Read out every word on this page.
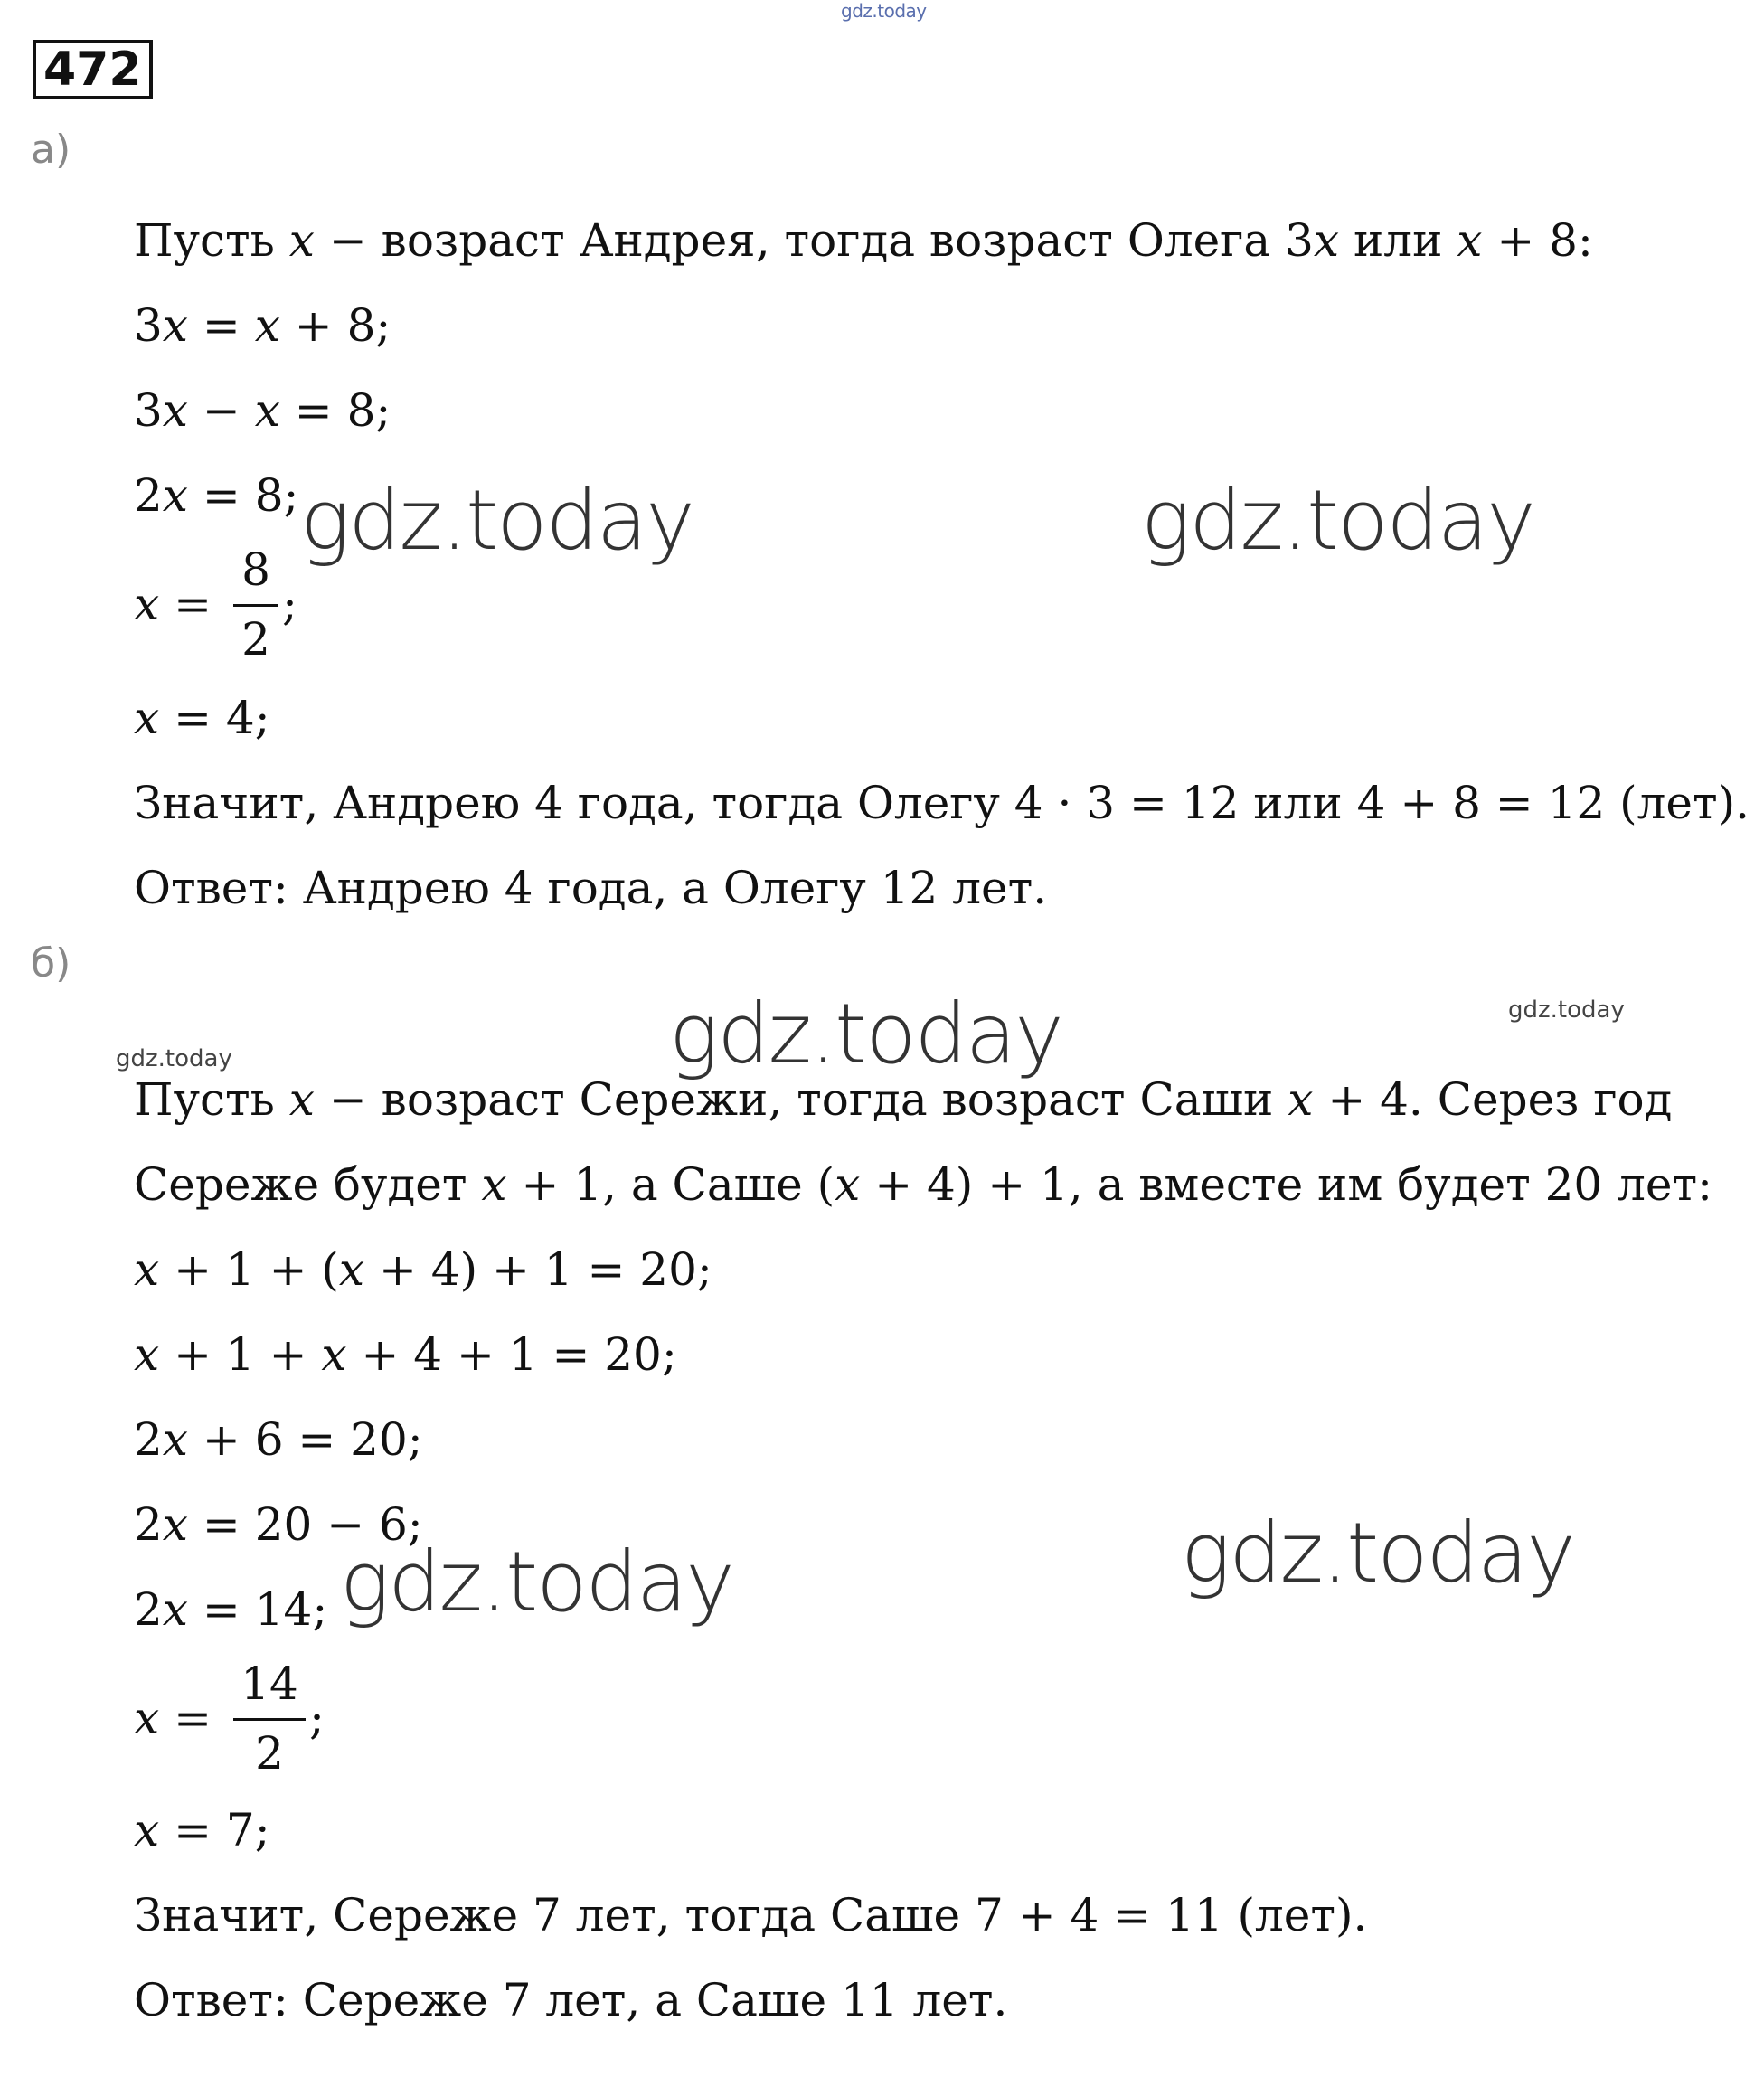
gdz.today
472
а)
Пусть 𝑥 − возраст Андрея, тогда возраст Олега 3𝑥 или 𝑥 + 8:
3𝑥 = 𝑥 + 8;
3𝑥 − 𝑥 = 8;
2𝑥 = 8;
𝑥 =
8
2
;
𝑥 = 4;
Значит, Андрею 4 года, тогда Олегу 4 · 3 = 12 или 4 + 8 = 12 (лет).
Ответ: Андрею 4 года, а Олегу 12 лет.
б)
Пусть 𝑥 − возраст Сережи, тогда возраст Саши 𝑥 + 4. Серез год
Сереже будет 𝑥 + 1, а Саше (𝑥 + 4) + 1, а вместе им будет 20 лет:
𝑥 + 1 + (𝑥 + 4) + 1 = 20;
𝑥 + 1 + 𝑥 + 4 + 1 = 20;
2𝑥 + 6 = 20;
2𝑥 = 20 − 6;
2𝑥 = 14;
𝑥 =
14
2
;
𝑥 = 7;
Значит, Сереже 7 лет, тогда Саше 7 + 4 = 11 (лет).
Ответ: Сереже 7 лет, а Саше 11 лет.
gdz.today	gdz.today
gdz.today	gdz.today
gdz.today
gdz.today
gdz.today
